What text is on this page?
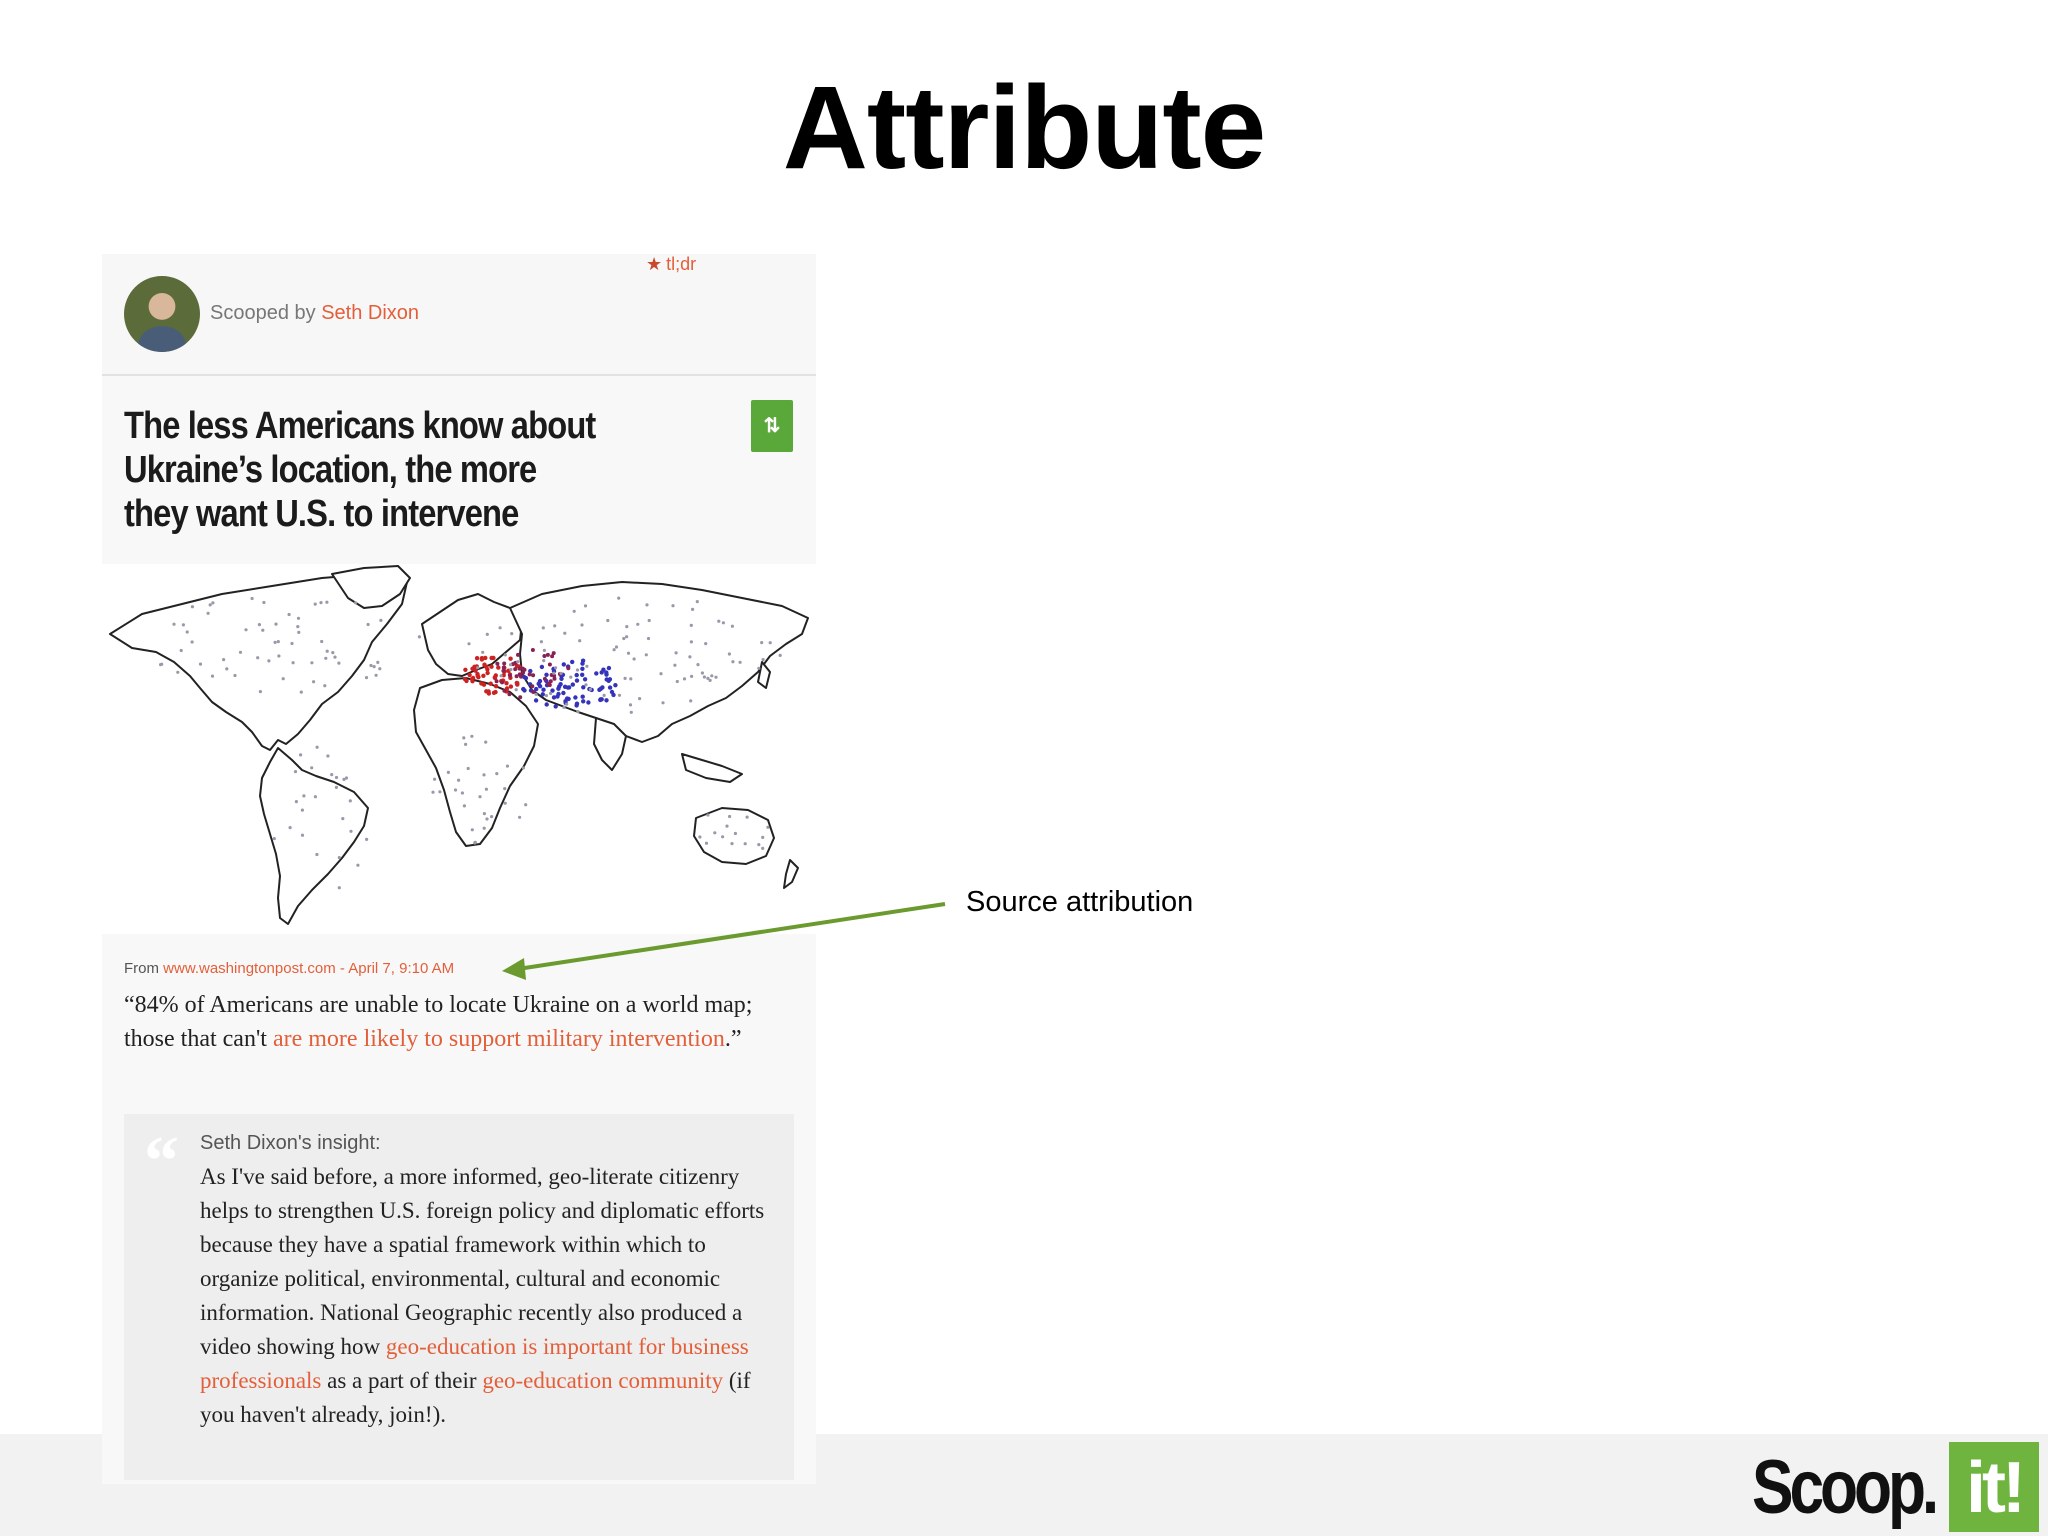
Attribute
Scooped by Seth Dixon
★ tl;dr
The less Americans know about Ukraine’s location, the more they want U.S. to intervene
⇅
From www.washingtonpost.com - April 7, 9:10 AM
“84% of Americans are unable to locate Ukraine on a world map; those that can't are more likely to support military intervention.”
“ Seth Dixon's insight:
As I've said before, a more informed, geo-literate citizenry helps to strengthen U.S. foreign policy and diplomatic efforts because they have a spatial framework within which to organize political, environmental, cultural and economic information. National Geographic recently also produced a video showing how geo-education is important for business professionals as a part of their geo-education community (if you haven't already, join!).
Source attribution
Scoop. it!
